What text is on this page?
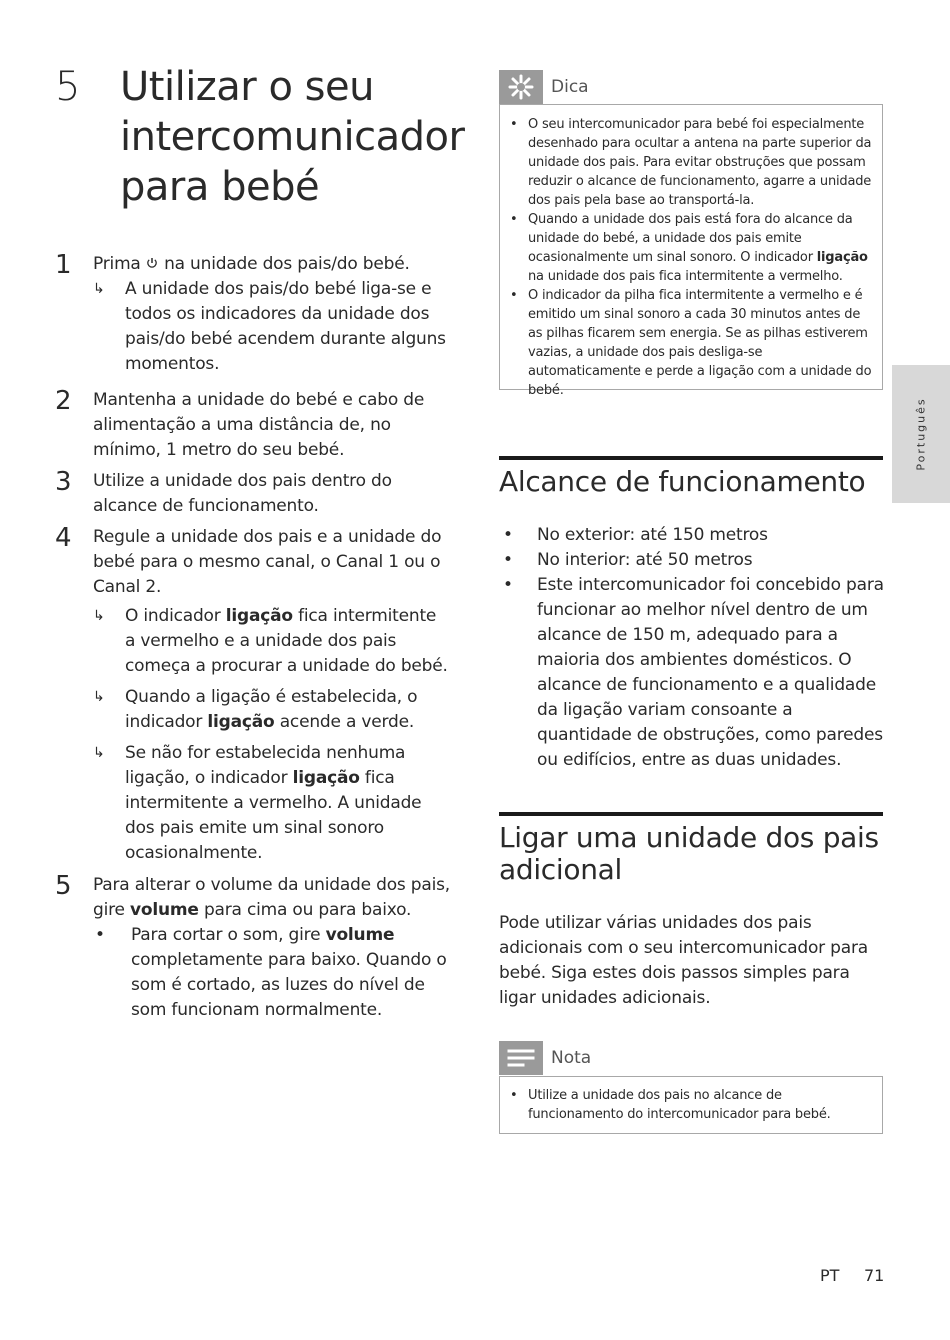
5 Utilizar o seu intercomunicador para bebé
1 Prima  na unidade dos pais/do bebé.
↳ A unidade dos pais/do bebé liga-se e todos os indicadores da unidade dos pais/do bebé acendem durante alguns momentos.
2 Mantenha a unidade do bebé e cabo de alimentação a uma distância de, no mínimo, 1 metro do seu bebé.
3 Utilize a unidade dos pais dentro do alcance de funcionamento.
4 Regule a unidade dos pais e a unidade do bebé para o mesmo canal, o Canal 1 ou o Canal 2.
↳ O indicador ligação fica intermitente a vermelho e a unidade dos pais começa a procurar a unidade do bebé.
↳ Quando a ligação é estabelecida, o indicador ligação acende a verde.
↳ Se não for estabelecida nenhuma ligação, o indicador ligação fica intermitente a vermelho. A unidade dos pais emite um sinal sonoro ocasionalmente.
5 Para alterar o volume da unidade dos pais, gire volume para cima ou para baixo.
• Para cortar o som, gire volume completamente para baixo. Quando o som é cortado, as luzes do nível de som funcionam normalmente.
Dica
• O seu intercomunicador para bebé foi especialmente desenhado para ocultar a antena na parte superior da unidade dos pais. Para evitar obstruções que possam reduzir o alcance de funcionamento, agarre a unidade dos pais pela base ao transportá-la.
• Quando a unidade dos pais está fora do alcance da unidade do bebé, a unidade dos pais emite ocasionalmente um sinal sonoro. O indicador ligação na unidade dos pais fica intermitente a vermelho.
• O indicador da pilha fica intermitente a vermelho e é emitido um sinal sonoro a cada 30 minutos antes de as pilhas ficarem sem energia. Se as pilhas estiverem vazias, a unidade dos pais desliga-se automaticamente e perde a ligação com a unidade do bebé.
Português
Alcance de funcionamento
• No exterior: até 150 metros
• No interior: até 50 metros
• Este intercomunicador foi concebido para funcionar ao melhor nível dentro de um alcance de 150 m, adequado para a maioria dos ambientes domésticos. O alcance de funcionamento e a qualidade da ligação variam consoante a quantidade de obstruções, como paredes ou edifícios, entre as duas unidades.
Ligar uma unidade dos pais adicional
Pode utilizar várias unidades dos pais adicionais com o seu intercomunicador para bebé. Siga estes dois passos simples para ligar unidades adicionais.
Nota
• Utilize a unidade dos pais no alcance de funcionamento do intercomunicador para bebé.
PT 71
